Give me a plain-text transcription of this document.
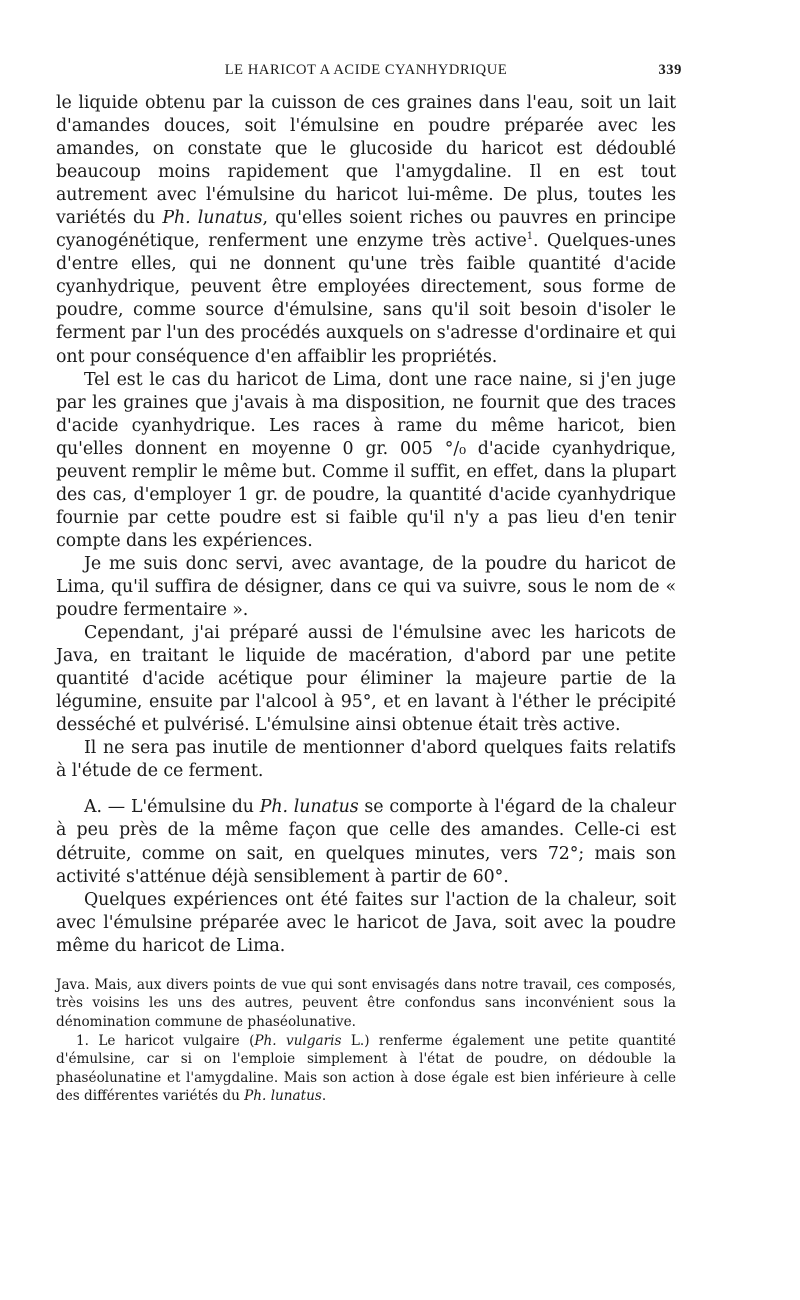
LE HARICOT A ACIDE CYANHYDRIQUE	339

le liquide obtenu par la cuisson de ces graines dans l'eau, soit un lait d'amandes douces, soit l'émulsine en poudre préparée avec les amandes, on constate que le glucoside du haricot est dédoublé beaucoup moins rapidement que l'amygdaline. Il en est tout autrement avec l'émulsine du haricot lui-même. De plus, toutes les variétés du Ph. lunatus, qu'elles soient riches ou pauvres en principe cyanogénétique, renferment une enzyme très active$^1$. Quelques-unes d'entre elles, qui ne donnent qu'une très faible quantité d'acide cyanhydrique, peuvent être employées directement, sous forme de poudre, comme source d'émulsine, sans qu'il soit besoin d'isoler le ferment par l'un des procédés auxquels on s'adresse d'ordinaire et qui ont pour conséquence d'en affaiblir les propriétés.

Tel est le cas du haricot de Lima, dont une race naine, si j'en juge par les graines que j'avais à ma disposition, ne fournit que des traces d'acide cyanhydrique. Les races à rame du même haricot, bien qu'elles donnent en moyenne 0 gr. 005 °/₀ d'acide cyanhydrique, peuvent remplir le même but. Comme il suffit, en effet, dans la plupart des cas, d'employer 1 gr. de poudre, la quantité d'acide cyanhydrique fournie par cette poudre est si faible qu'il n'y a pas lieu d'en tenir compte dans les expériences.

Je me suis donc servi, avec avantage, de la poudre du haricot de Lima, qu'il suffira de désigner, dans ce qui va suivre, sous le nom de « poudre fermentaire ».

Cependant, j'ai préparé aussi de l'émulsine avec les haricots de Java, en traitant le liquide de macération, d'abord par une petite quantité d'acide acétique pour éliminer la majeure partie de la légumine, ensuite par l'alcool à 95°, et en lavant à l'éther le précipité desséché et pulvérisé. L'émulsine ainsi obtenue était très active.

Il ne sera pas inutile de mentionner d'abord quelques faits relatifs à l'étude de ce ferment.

A. — L'émulsine du Ph. lunatus se comporte à l'égard de la chaleur à peu près de la même façon que celle des amandes. Celle-ci est détruite, comme on sait, en quelques minutes, vers 72°; mais son activité s'atténue déjà sensiblement à partir de 60°.

Quelques expériences ont été faites sur l'action de la chaleur, soit avec l'émulsine préparée avec le haricot de Java, soit avec la poudre même du haricot de Lima.

Java. Mais, aux divers points de vue qui sont envisagés dans notre travail, ces composés, très voisins les uns des autres, peuvent être confondus sans inconvénient sous la dénomination commune de phaséolunative.

1. Le haricot vulgaire (Ph. vulgaris L.) renferme également une petite quantité d'émulsine, car si on l'emploie simplement à l'état de poudre, on dédouble la phaséolunatine et l'amygdaline. Mais son action à dose égale est bien inférieure à celle des différentes variétés du Ph. lunatus.
